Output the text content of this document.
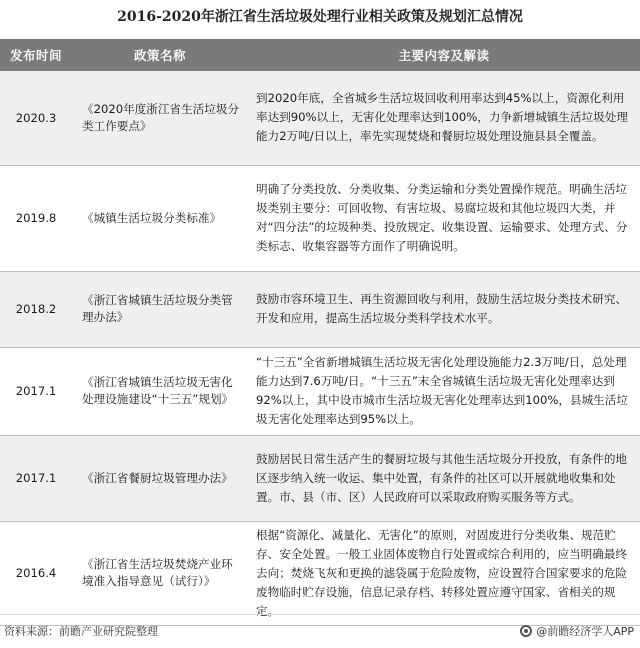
2016-2020年浙江省生活垃圾处理行业相关政策及规划汇总情况
发布时间	政策名称	主要内容及解读
2020.3	《2020年度浙江省生活垃圾分类工作要点》	到2020年底，全省城乡生活垃圾回收利用率达到45%以上，资源化利用率达到90%以上，无害化处理率达到100%，力争新增城镇生活垃圾处理能力2万吨/日以上，率先实现焚烧和餐厨垃圾处理设施县县全覆盖。
2019.8	《城镇生活垃圾分类标准》	明确了分类投放、分类收集、分类运输和分类处置操作规范。明确生活垃圾类别主要分：可回收物、有害垃圾、易腐垃圾和其他垃圾四大类，并对“四分法”的垃圾种类、投放规定、收集设置、运输要求、处理方式、分类标志、收集容器等方面作了明确说明。
2018.2	《浙江省城镇生活垃圾分类管理办法》	鼓励市容环境卫生、再生资源回收与利用，鼓励生活垃圾分类技术研究、开发和应用，提高生活垃圾分类科学技术水平。
2017.1	《浙江省城镇生活垃圾无害化处理设施建设“十三五”规划》	“十三五”全省新增城镇生活垃圾无害化处理设施能力2.3万吨/日，总处理能力达到7.6万吨/日。“十三五”末全省城镇生活垃圾无害化处理率达到92%以上，其中设市城市生活垃圾无害化处理率达到100%，县城生活垃圾无害化处理率达到95%以上。
2017.1	《浙江省餐厨垃圾管理办法》	鼓励居民日常生活产生的餐厨垃圾与其他生活垃圾分开投放，有条件的地区逐步纳入统一收运、集中处置，有条件的社区可以开展就地收集和处置。市、县（市、区）人民政府可以采取政府购买服务等方式。
2016.4	《浙江省生活垃圾焚烧产业环境准入指导意见（试行）》	根据“资源化、减量化、无害化”的原则，对固废进行分类收集、规范贮存、安全处置。一般工业固体废物自行处置或综合利用的，应当明确最终去向；焚烧飞灰和更换的滤袋属于危险废物，应设置符合国家要求的危险废物临时贮存设施，信息记录存档、转移处置应遵守国家、省相关的规定。
资料来源：前瞻产业研究院整理	@前瞻经济学人APP
